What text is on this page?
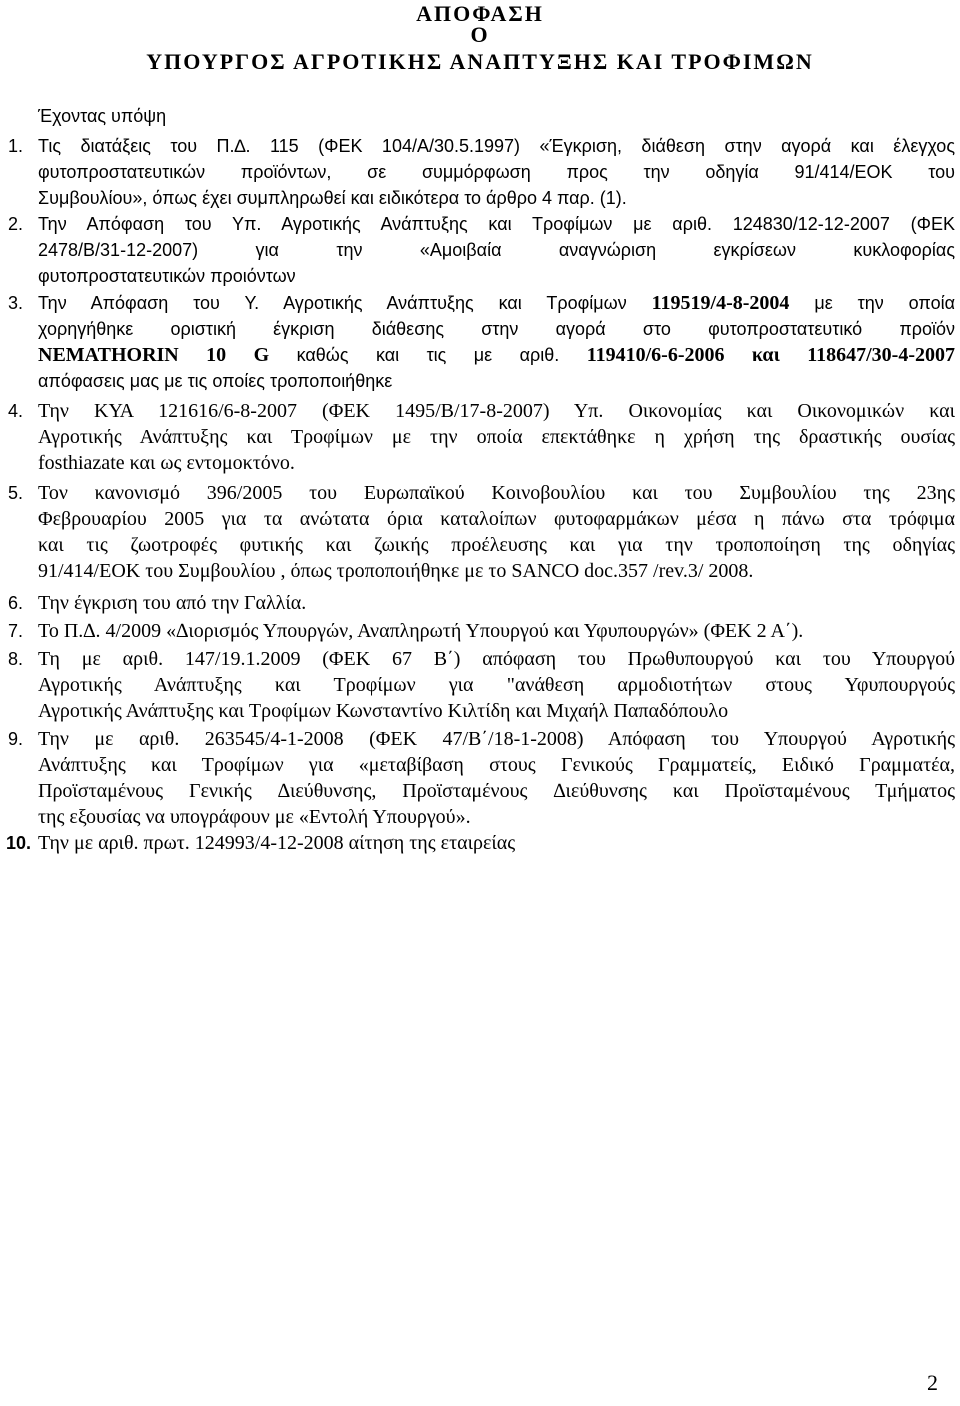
ΑΠΟΦΑΣΗ
Ο
ΥΠΟΥΡΓΟΣ ΑΓΡΟΤΙΚΗΣ ΑΝΑΠΤΥΞΗΣ ΚΑΙ ΤΡΟΦΙΜΩΝ
Έχοντας υπόψη
1. Τις διατάξεις του Π.∆. 115 (ΦΕΚ 104/Α/30.5.1997) «Έγκριση, διάθεση στην αγορά και έλεγχος
φυτοπροστατευτικών προϊόντων, σε συμμόρφωση προς την οδηγία 91/414/ΕΟΚ του
Συμβουλίου», όπως έχει συμπληρωθεί και ειδικότερα το άρθρο 4 παρ. (1).
2. Την Απόφαση του Υπ. Αγροτικής Ανάπτυξης και Τροφίμων με αριθ. 124830/12-12-2007 (ΦΕΚ
2478/Β/31-12-2007) για την «Αμοιβαία αναγνώριση εγκρίσεων κυκλοφορίας
φυτοπροστατευτικών προιόντων
3. Την Απόφαση του Υ. Αγροτικής Ανάπτυξης και Τροφίμων 119519/4-8-2004 με την οποία
χορηγήθηκε οριστική έγκριση διάθεσης στην αγορά στο φυτοπροστατευτικό προϊόν
NEMATHORIN 10 G καθώς και τις με αριθ. 119410/6-6-2006 και 118647/30-4-2007
απόφασεις μας με τις οποίες τροποποιήθηκε
4. Την ΚΥΑ 121616/6-8-2007 (ΦΕΚ 1495/Β/17-8-2007) Υπ. Οικονομίας και Οικονομικών και
Αγροτικής Ανάπτυξης και Τροφίμων με την οποία επεκτάθηκε η χρήση της δραστικής ουσίας
fosthiazate και ως εντομοκτόνο.
5. Τον κανονισμό 396/2005 του Ευρωπαϊκού Κοινοβουλίου και του Συμβουλίου της 23ης
Φεβρουαρίου 2005 για τα ανώτατα όρια καταλοίπων φυτοφαρμάκων μέσα η πάνω στα τρόφιμα
και τις ζωοτροφές φυτικής και ζωικής προέλευσης και για την τροποποίηση της οδηγίας
91/414/ΕΟΚ του Συμβουλίου , όπως τροποποιήθηκε με το SANCO doc.357 /rev.3/ 2008.
6. Την έγκριση του από την Γαλλία.
7. Το Π.∆. 4/2009 «∆ιορισμός Υπουργών, Αναπληρωτή Υπουργού και Υφυπουργών» (ΦΕΚ 2 Α΄).
8. Τη με αριθ. 147/19.1.2009 (ΦΕΚ 67 Β΄) απόφαση του Πρωθυπουργού και του Υπουργού
Αγροτικής Ανάπτυξης και Τροφίμων για "ανάθεση αρμοδιοτήτων στους Υφυπουργούς
Αγροτικής Ανάπτυξης και Τροφίμων Κωνσταντίνο Κιλτίδη και Μιχαήλ Παπαδόπουλο
9. Την με αριθ. 263545/4-1-2008 (ΦΕΚ 47/Β΄/18-1-2008) Απόφαση του Υπουργού Αγροτικής
Ανάπτυξης και Τροφίμων για «μεταβίβαση στους Γενικούς Γραμματείς, Ειδικό Γραμματέα,
Προϊσταμένους Γενικής ∆ιεύθυνσης, Προϊσταμένους ∆ιεύθυνσης και Προϊσταμένους Τμήματος
της εξουσίας να υπογράφουν με «Εντολή Υπουργού».
10. Την με αριθ. πρωτ. 124993/4-12-2008 αίτηση της εταιρείας
2
